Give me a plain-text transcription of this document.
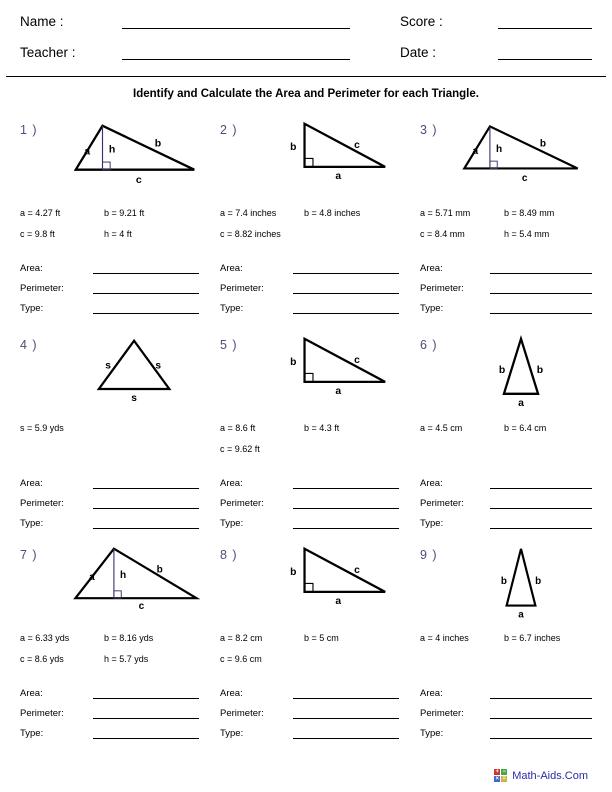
Name :	Score :
Teacher :	Date :
Identify and Calculate the Area and Perimeter for each Triangle.
1 )
a h	b
c
a = 4.27 ft	b = 9.21 ft
c = 9.8 ft	h = 4 ft
Area:
Perimeter:
Type:
2 )
b	c
a
a = 7.4 inches	b = 4.8 inches
c = 8.82 inches
Area:
Perimeter:
Type:
3 )
a h	b
c
a = 5.71 mm	b = 8.49 mm
c = 8.4 mm	h = 5.4 mm
Area:
Perimeter:
Type:
4 )
s	s
s
s = 5.9 yds
Area:
Perimeter:
Type:
5 )
b	c
a
a = 8.6 ft	b = 4.3 ft
c = 9.62 ft
Area:
Perimeter:
Type:
6 )
b	b
a
a = 4.5 cm	b = 6.4 cm
Area:
Perimeter:
Type:
7 )
a h	b
c
a = 6.33 yds	b = 8.16 yds
c = 8.6 yds	h = 5.7 yds
Area:
Perimeter:
Type:
8 )
b	c
a
a = 8.2 cm	b = 5 cm
c = 9.6 cm
Area:
Perimeter:
Type:
9 )
b	b
a
a = 4 inches	b = 6.7 inches
Area:
Perimeter:
Type:
+ −
× = Math-Aids.Com
